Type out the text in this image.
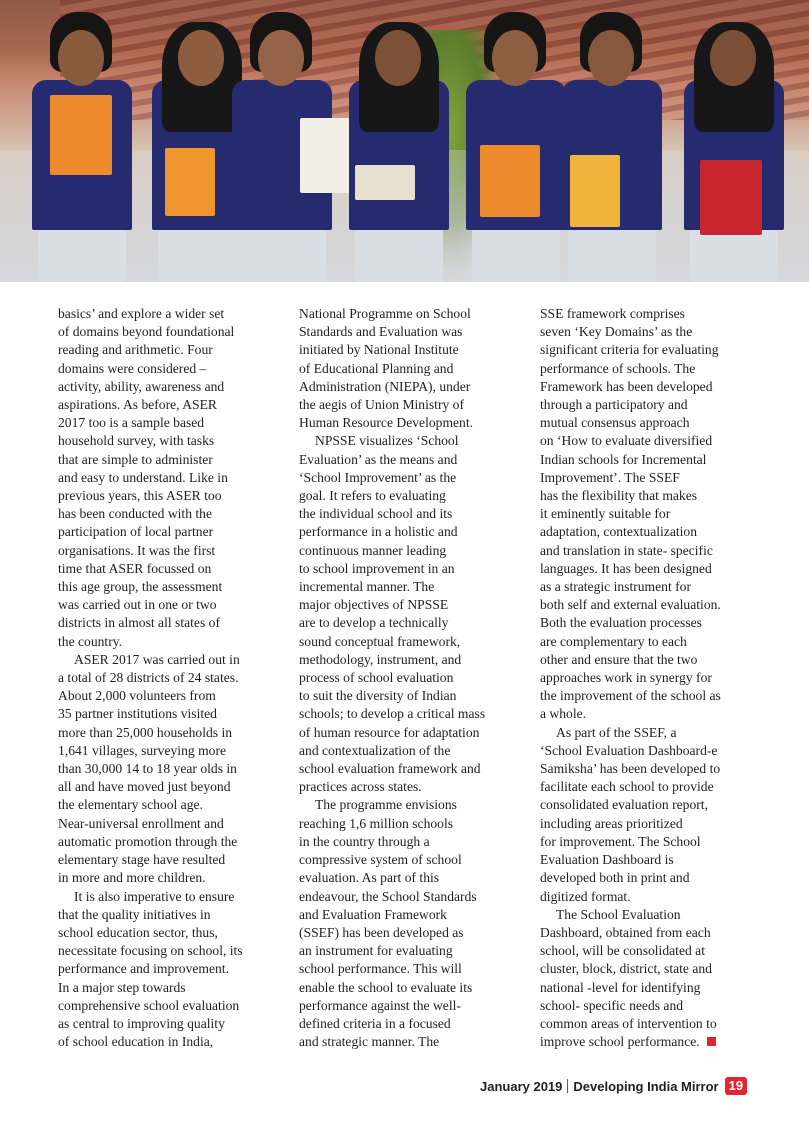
basics’ and explore a wider set
of domains beyond foundational
reading and arithmetic. Four
domains were considered –
activity, ability, awareness and
aspirations. As before, ASER
2017 too is a sample based
household survey, with tasks
that are simple to administer
and easy to understand. Like in
previous years, this ASER too
has been conducted with the
participation of local partner
organisations. It was the first
time that ASER focussed on
this age group, the assessment
was carried out in one or two
districts in almost all states of
the country.

ASER 2017 was carried out in
a total of 28 districts of 24 states.
About 2,000 volunteers from
35 partner institutions visited
more than 25,000 households in
1,641 villages, surveying more
than 30,000 14 to 18 year olds in
all and have moved just beyond
the elementary school age.
Near-universal enrollment and
automatic promotion through the
elementary stage have resulted
in more and more children.

It is also imperative to ensure
that the quality initiatives in
school education sector, thus,
necessitate focusing on school, its
performance and improvement.
In a major step towards
comprehensive school evaluation
as central to improving quality
of school education in India,

National Programme on School
Standards and Evaluation was
initiated by National Institute
of Educational Planning and
Administration (NIEPA), under
the aegis of Union Ministry of
Human Resource Development.

NPSSE visualizes ‘School
Evaluation’ as the means and
‘School Improvement’ as the
goal. It refers to evaluating
the individual school and its
performance in a holistic and
continuous manner leading
to school improvement in an
incremental manner. The
major objectives of NPSSE
are to develop a technically
sound conceptual framework,
methodology, instrument, and
process of school evaluation
to suit the diversity of Indian
schools; to develop a critical mass
of human resource for adaptation
and contextualization of the
school evaluation framework and
practices across states.

The programme envisions
reaching 1,6 million schools
in the country through a
compressive system of school
evaluation. As part of this
endeavour, the School Standards
and Evaluation Framework
(SSEF) has been developed as
an instrument for evaluating
school performance. This will
enable the school to evaluate its
performance against the well-
defined criteria in a focused
and strategic manner. The

SSE framework comprises
seven ‘Key Domains’ as the
significant criteria for evaluating
performance of schools. The
Framework has been developed
through a participatory and
mutual consensus approach
on ‘How to evaluate diversified
Indian schools for Incremental
Improvement’. The SSEF
has the flexibility that makes
it eminently suitable for
adaptation, contextualization
and translation in state- specific
languages. It has been designed
as a strategic instrument for
both self and external evaluation.
Both the evaluation processes
are complementary to each
other and ensure that the two
approaches work in synergy for
the improvement of the school as
a whole.

As part of the SSEF, a
‘School Evaluation Dashboard-e
Samiksha’ has been developed to
facilitate each school to provide
consolidated evaluation report,
including areas prioritized
for improvement. The School
Evaluation Dashboard is
developed both in print and
digitized format.

The School Evaluation
Dashboard, obtained from each
school, will be consolidated at
cluster, block, district, state and
national -level for identifying
school- specific needs and
common areas of intervention to
improve school performance.

January 2019 Developing India Mirror 19
